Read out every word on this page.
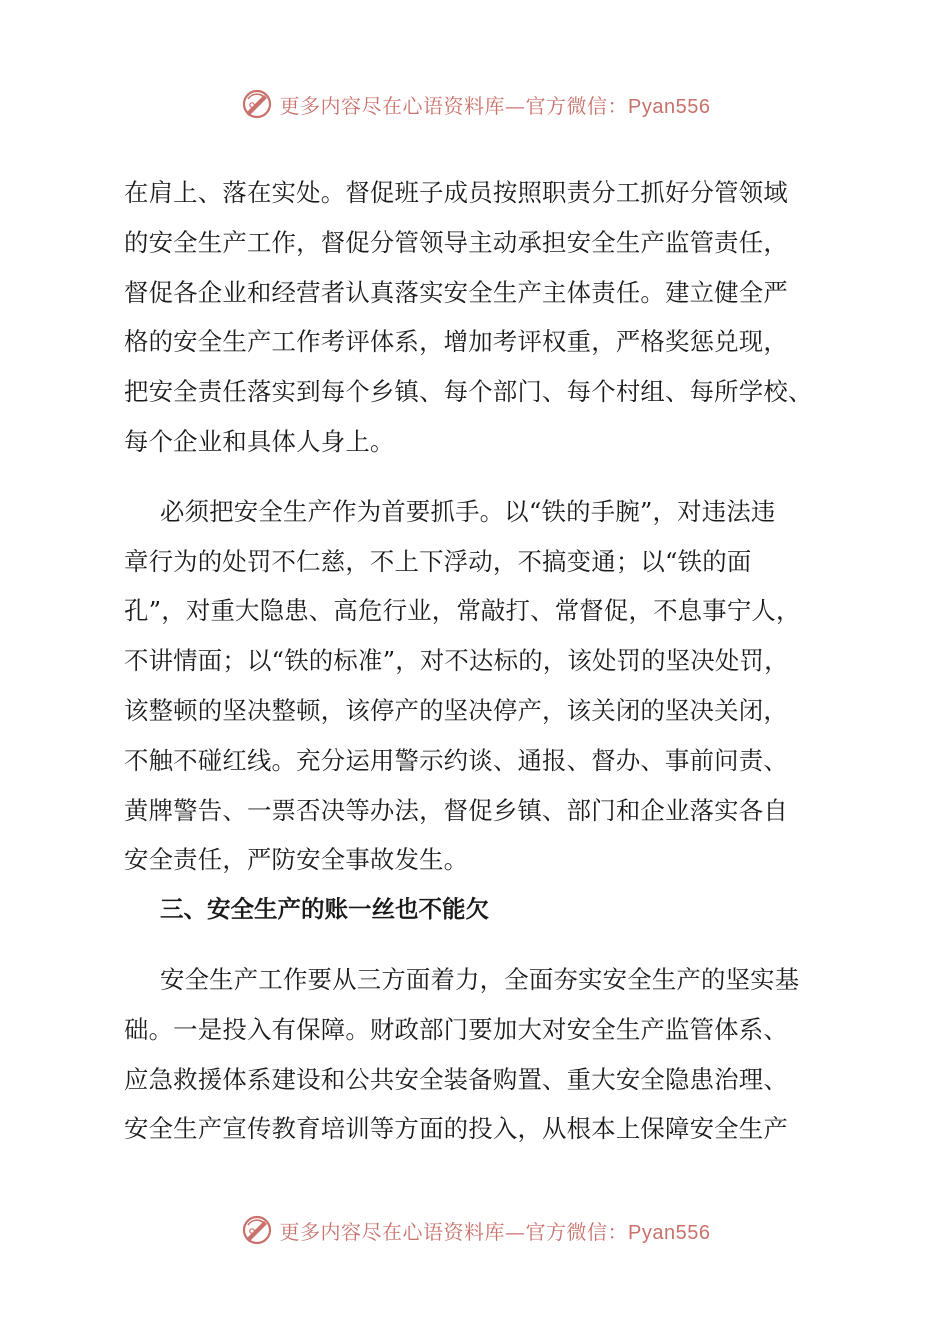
更多内容尽在心语资料库—官方微信：Pyan556

在肩上、落在实处。督促班子成员按照职责分工抓好分管领域
的安全生产工作，督促分管领导主动承担安全生产监管责任，
督促各企业和经营者认真落实安全生产主体责任。建立健全严
格的安全生产工作考评体系，增加考评权重，严格奖惩兑现，
把安全责任落实到每个乡镇、每个部门、每个村组、每所学校、
每个企业和具体人身上。

必须把安全生产作为首要抓手。以“铁的手腕”，对违法违
章行为的处罚不仁慈，不上下浮动，不搞变通；以“铁的面
孔”，对重大隐患、高危行业，常敲打、常督促，不息事宁人，
不讲情面；以“铁的标准”，对不达标的，该处罚的坚决处罚，
该整顿的坚决整顿，该停产的坚决停产，该关闭的坚决关闭，
不触不碰红线。充分运用警示约谈、通报、督办、事前问责、
黄牌警告、一票否决等办法，督促乡镇、部门和企业落实各自
安全责任，严防安全事故发生。

三、安全生产的账一丝也不能欠

安全生产工作要从三方面着力，全面夯实安全生产的坚实基
础。一是投入有保障。财政部门要加大对安全生产监管体系、
应急救援体系建设和公共安全装备购置、重大安全隐患治理、
安全生产宣传教育培训等方面的投入，从根本上保障安全生产

更多内容尽在心语资料库—官方微信：Pyan556
